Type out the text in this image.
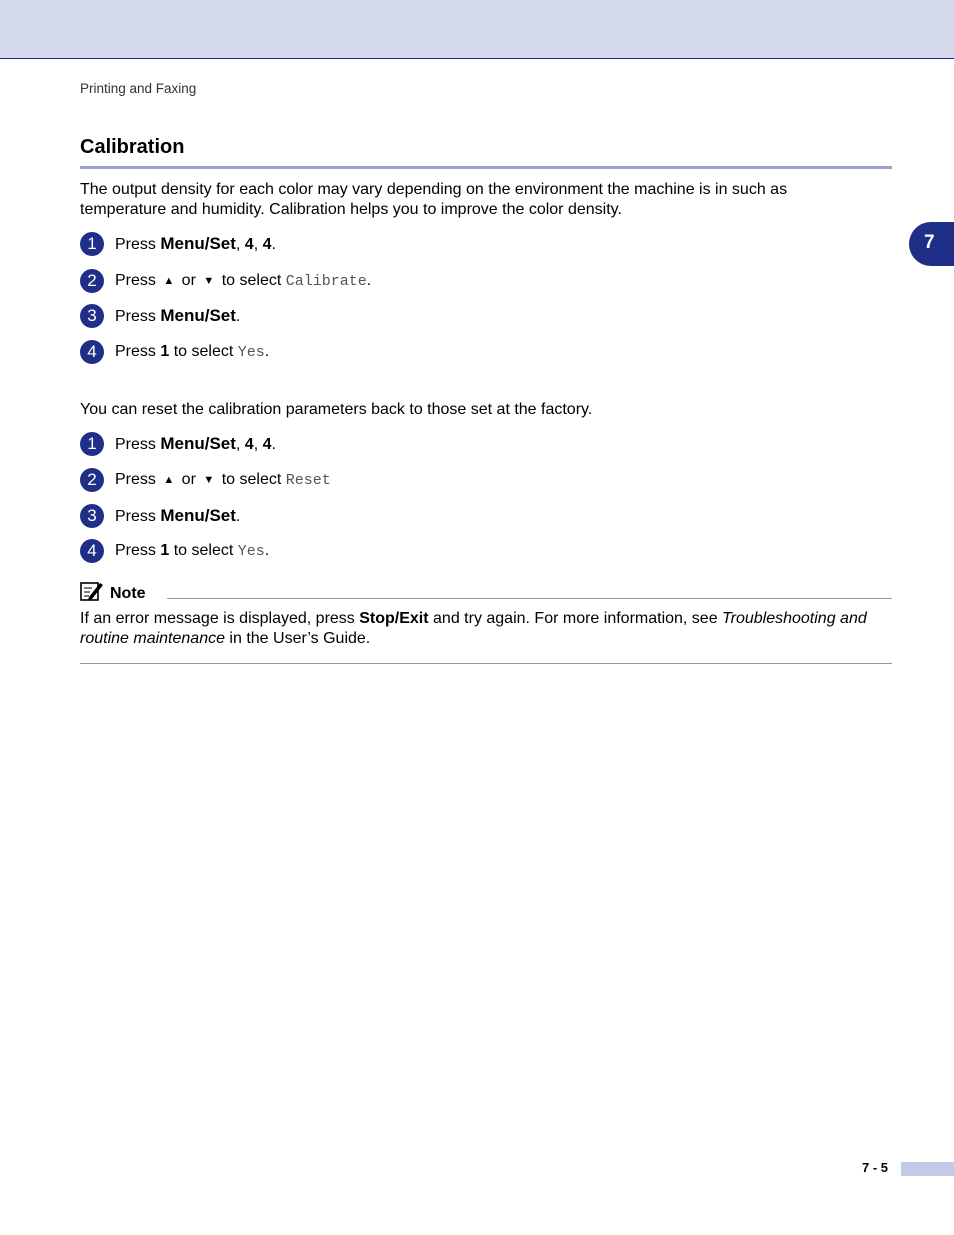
Printing and Faxing
7
Calibration
The output density for each color may vary depending on the environment the machine is in such as temperature and humidity. Calibration helps you to improve the color density.
1	Press Menu/Set, 4, 4.
2	Press ▲ or ▼ to select Calibrate.
3	Press Menu/Set.
4	Press 1 to select Yes.
You can reset the calibration parameters back to those set at the factory.
1	Press Menu/Set, 4, 4.
2	Press ▲ or ▼ to select Reset
3	Press Menu/Set.
4	Press 1 to select Yes.
Note
If an error message is displayed, press Stop/Exit and try again. For more information, see Troubleshooting and routine maintenance in the User’s Guide.
7 - 5
